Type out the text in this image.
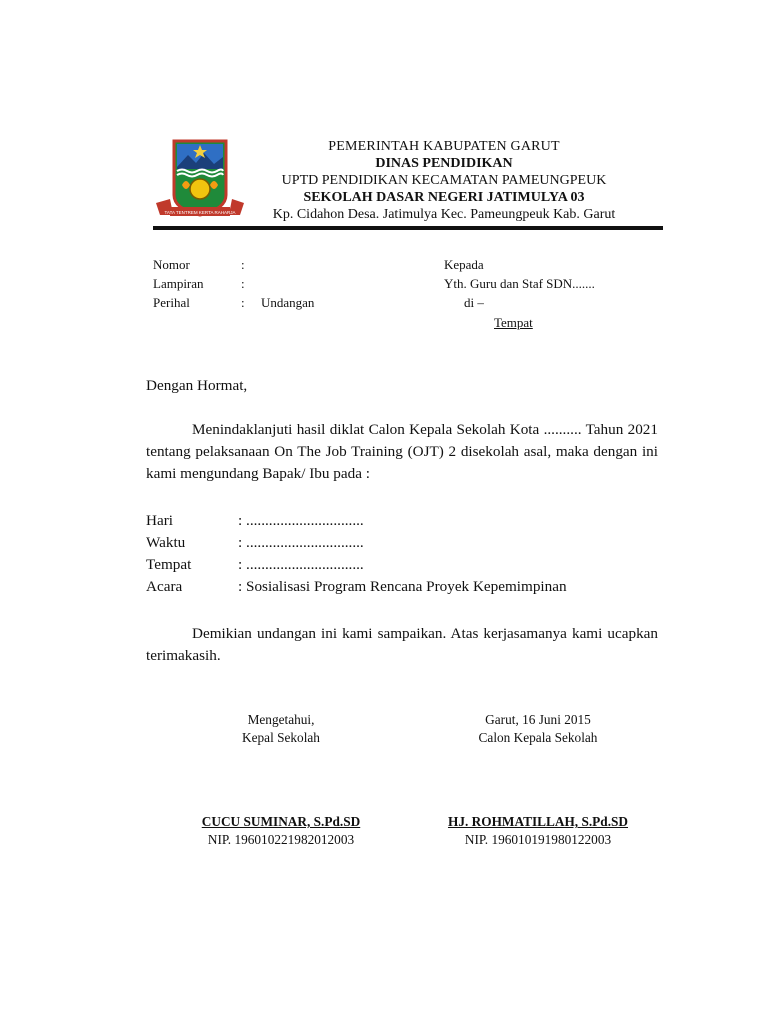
TATA TENTREM KERTA RAHARJA
PEMERINTAH KABUPATEN GARUT
DINAS PENDIDIKAN
UPTD PENDIDIKAN KECAMATAN PAMEUNGPEUK
SEKOLAH DASAR NEGERI JATIMULYA 03
Kp. Cidahon Desa. Jatimulya Kec. Pameungpeuk Kab. Garut
Nomor	:	Kepada
Lampiran	:	Yth. Guru dan Staf SDN.......
Perihal	: Undangan	di –
Tempat
Dengan Hormat,
Menindaklanjuti hasil diklat Calon Kepala Sekolah Kota .......... Tahun 2021 tentang pelaksanaan On The Job Training (OJT) 2 disekolah asal, maka dengan ini kami mengundang Bapak/ Ibu pada :
Hari	: ...............................
Waktu	: ...............................
Tempat	: ...............................
Acara	: Sosialisasi Program Rencana Proyek Kepemimpinan
Demikian undangan ini kami sampaikan. Atas kerjasamanya kami ucapkan terimakasih.
Mengetahui,
Kepal Sekolah
CUCU SUMINAR, S.Pd.SD
NIP. 196010221982012003
Garut, 16 Juni 2015
Calon Kepala Sekolah
HJ. ROHMATILLAH, S.Pd.SD
NIP. 196010191980122003
